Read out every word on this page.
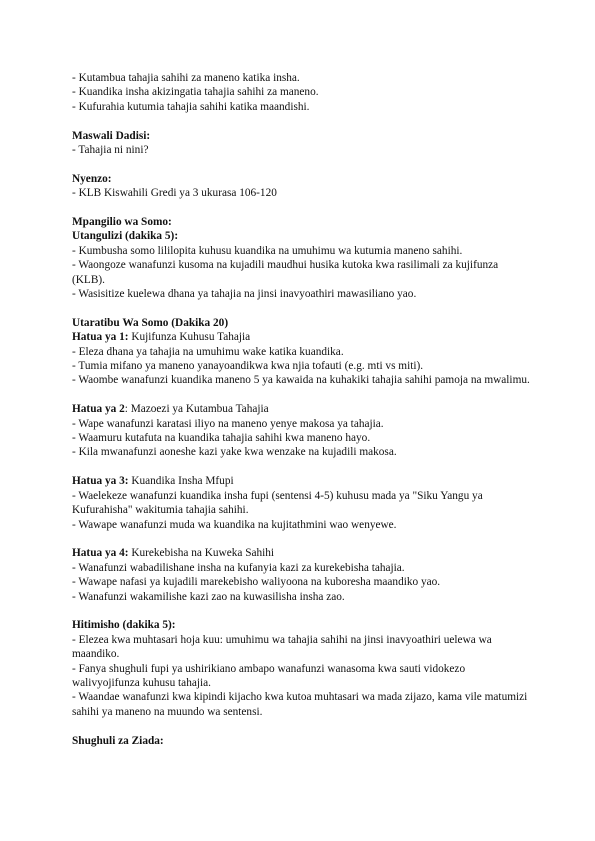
- Kutambua tahajia sahihi za maneno katika insha.
- Kuandika insha akizingatia tahajia sahihi za maneno.
- Kufurahia kutumia tahajia sahihi katika maandishi.
Maswali Dadisi:
- Tahajia ni nini?
Nyenzo:
- KLB Kiswahili Gredi ya 3 ukurasa 106-120
Mpangilio wa Somo:
Utangulizi (dakika 5):
- Kumbusha somo lililopita kuhusu kuandika na umuhimu wa kutumia maneno sahihi.
- Waongoze wanafunzi kusoma na kujadili maudhui husika kutoka kwa rasilimali za kujifunza (KLB).
- Wasisitize kuelewa dhana ya tahajia na jinsi inavyoathiri mawasiliano yao.
Utaratibu Wa Somo (Dakika 20)
Hatua ya 1: Kujifunza Kuhusu Tahajia
- Eleza dhana ya tahajia na umuhimu wake katika kuandika.
- Tumia mifano ya maneno yanayoandikwa kwa njia tofauti (e.g. mti vs miti).
- Waombe wanafunzi kuandika maneno 5 ya kawaida na kuhakiki tahajia sahihi pamoja na mwalimu.
Hatua ya 2: Mazoezi ya Kutambua Tahajia
- Wape wanafunzi karatasi iliyo na maneno yenye makosa ya tahajia.
- Waamuru kutafuta na kuandika tahajia sahihi kwa maneno hayo.
- Kila mwanafunzi aoneshe kazi yake kwa wenzake na kujadili makosa.
Hatua ya 3: Kuandika Insha Mfupi
- Waelekeze wanafunzi kuandika insha fupi (sentensi 4-5) kuhusu mada ya "Siku Yangu ya Kufurahisha" wakitumia tahajia sahihi.
- Wawape wanafunzi muda wa kuandika na kujitathmini wao wenyewe.
Hatua ya 4: Kurekebisha na Kuweka Sahihi
- Wanafunzi wabadilishane insha na kufanyia kazi za kurekebisha tahajia.
- Wawape nafasi ya kujadili marekebisho waliyoona na kuboresha maandiko yao.
- Wanafunzi wakamilishe kazi zao na kuwasilisha insha zao.
Hitimisho (dakika 5):
- Elezea kwa muhtasari hoja kuu: umuhimu wa tahajia sahihi na jinsi inavyoathiri uelewa wa maandiko.
- Fanya shughuli fupi ya ushirikiano ambapo wanafunzi wanasoma kwa sauti vidokezo walivyojifunza kuhusu tahajia.
- Waandae wanafunzi kwa kipindi kijacho kwa kutoa muhtasari wa mada zijazo, kama vile matumizi sahihi ya maneno na muundo wa sentensi.
Shughuli za Ziada:
